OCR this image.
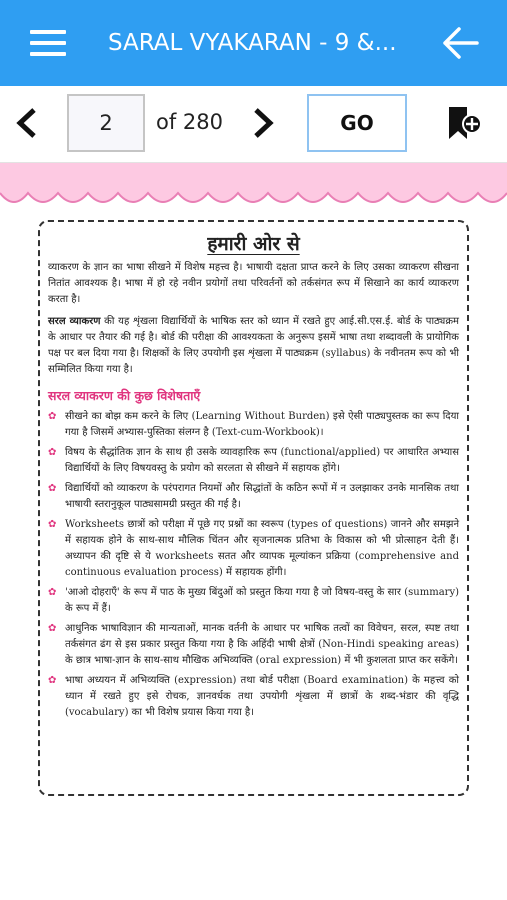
SARAL VYAKARAN - 9 &...
2
of 280	GO
हमारी ओर से

व्याकरण के ज्ञान का भाषा सीखने में विशेष महत्त्व है। भाषायी दक्षता प्राप्त करने के लिए उसका व्याकरण सीखना नितांत आवश्यक है। भाषा में हो रहे नवीन प्रयोगों तथा परिवर्तनों को तर्कसंगत रूप में सिखाने का कार्य व्याकरण करता है।

सरल व्याकरण की यह शृंखला विद्यार्थियों के भाषिक स्तर को ध्यान में रखते हुए आई.सी.एस.ई. बोर्ड के पाठ्यक्रम के आधार पर तैयार की गई है। बोर्ड की परीक्षा की आवश्यकता के अनुरूप इसमें भाषा तथा शब्दावली के प्रायोगिक पक्ष पर बल दिया गया है। शिक्षकों के लिए उपयोगी इस शृंखला में पाठ्यक्रम (syllabus) के नवीनतम रूप को भी सम्मिलित किया गया है।

सरल व्याकरण की कुछ विशेषताएँ
✿ सीखने का बोझ कम करने के लिए (Learning Without Burden) इसे ऐसी पाठ्यपुस्तक का रूप दिया गया है जिसमें अभ्यास-पुस्तिका संलग्न है (Text-cum-Workbook)।
✿ विषय के सैद्धांतिक ज्ञान के साथ ही उसके व्यावहारिक रूप (functional/applied) पर आधारित अभ्यास विद्यार्थियों के लिए विषयवस्तु के प्रयोग को सरलता से सीखने में सहायक होंगे।
✿ विद्यार्थियों को व्याकरण के परंपरागत नियमों और सिद्धांतों के कठिन रूपों में न उलझाकर उनके मानसिक तथा भाषायी स्तरानुकूल पाठ्यसामग्री प्रस्तुत की गई है।
✿ Worksheets छात्रों को परीक्षा में पूछे गए प्रश्नों का स्वरूप (types of questions) जानने और समझने में सहायक होने के साथ-साथ मौलिक चिंतन और सृजनात्मक प्रतिभा के विकास को भी प्रोत्साहन देती हैं। अध्यापन की दृष्टि से ये worksheets सतत और व्यापक मूल्यांकन प्रक्रिया (comprehensive and continuous evaluation process) में सहायक होंगी।
✿ 'आओ दोहराएँ' के रूप में पाठ के मुख्य बिंदुओं को प्रस्तुत किया गया है जो विषय-वस्तु के सार (summary) के रूप में हैं।
✿ आधुनिक भाषाविज्ञान की मान्यताओं, मानक वर्तनी के आधार पर भाषिक तत्वों का विवेचन, सरल, स्पष्ट तथा तर्कसंगत ढंग से इस प्रकार प्रस्तुत किया गया है कि अहिंदी भाषी क्षेत्रों (Non-Hindi speaking areas) के छात्र भाषा-ज्ञान के साथ-साथ मौखिक अभिव्यक्ति (oral expression) में भी कुशलता प्राप्त कर सकेंगे।
✿ भाषा अध्ययन में अभिव्यक्ति (expression) तथा बोर्ड परीक्षा (Board examination) के महत्त्व को ध्यान में रखते हुए इसे रोचक, ज्ञानवर्धक तथा उपयोगी शृंखला में छात्रों के शब्द-भंडार की वृद्धि (vocabulary) का भी विशेष प्रयास किया गया है।
